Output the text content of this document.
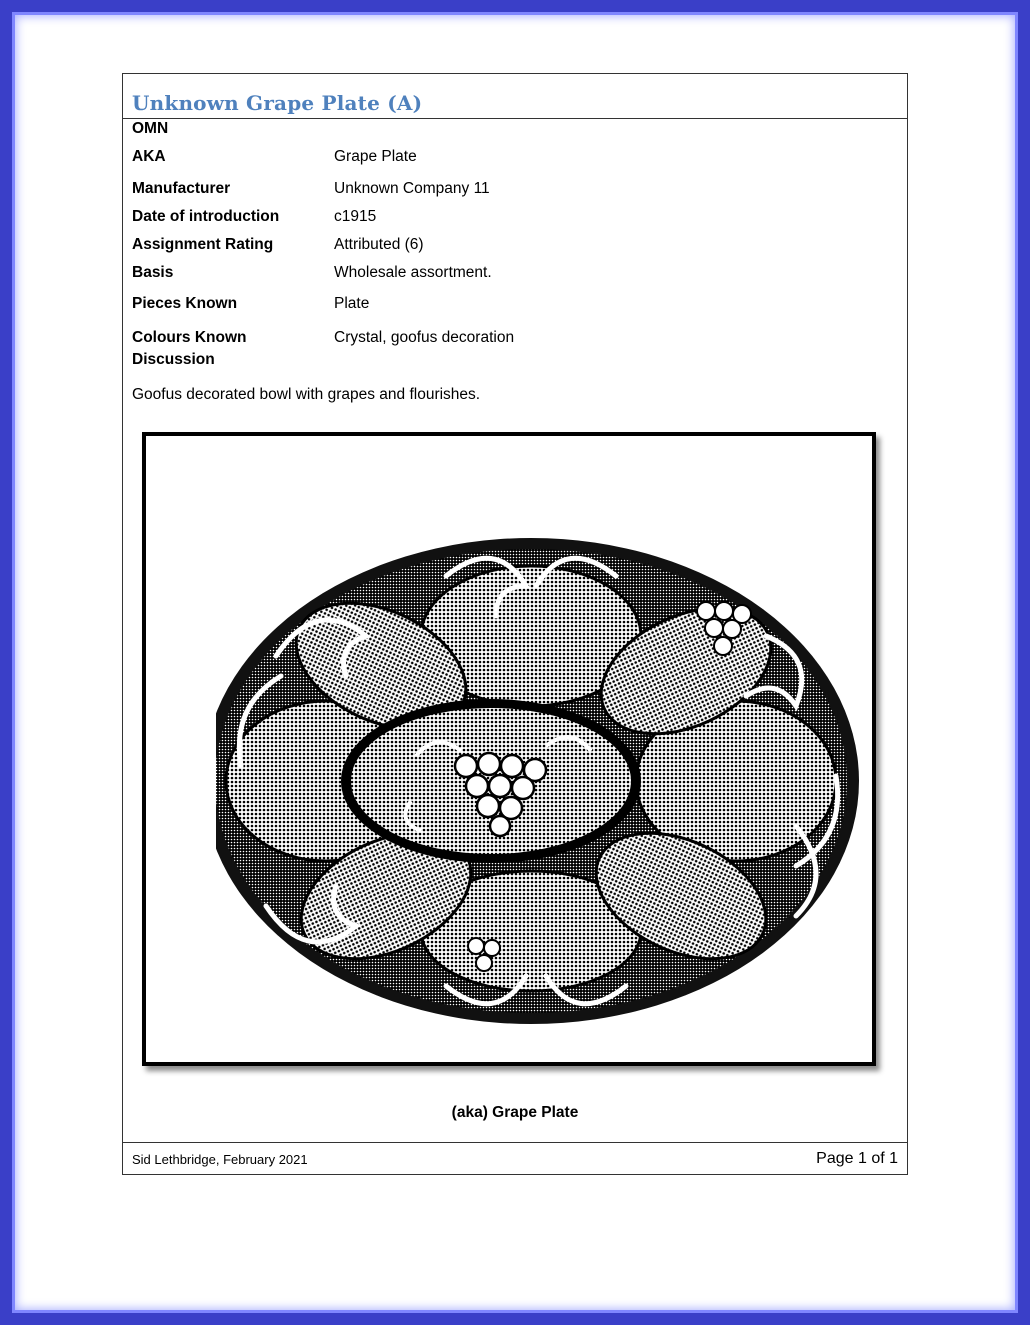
Unknown Grape Plate (A)
OMN
AKA	Grape Plate
Manufacturer	Unknown Company 11
Date of introduction	c1915
Assignment Rating	Attributed (6)
Basis	Wholesale assortment.
Pieces Known	Plate
Colours Known	Crystal, goofus decoration
Discussion
Goofus decorated bowl with grapes and flourishes.
(aka) Grape Plate
Sid Lethbridge, February 2021	Page 1 of 1
